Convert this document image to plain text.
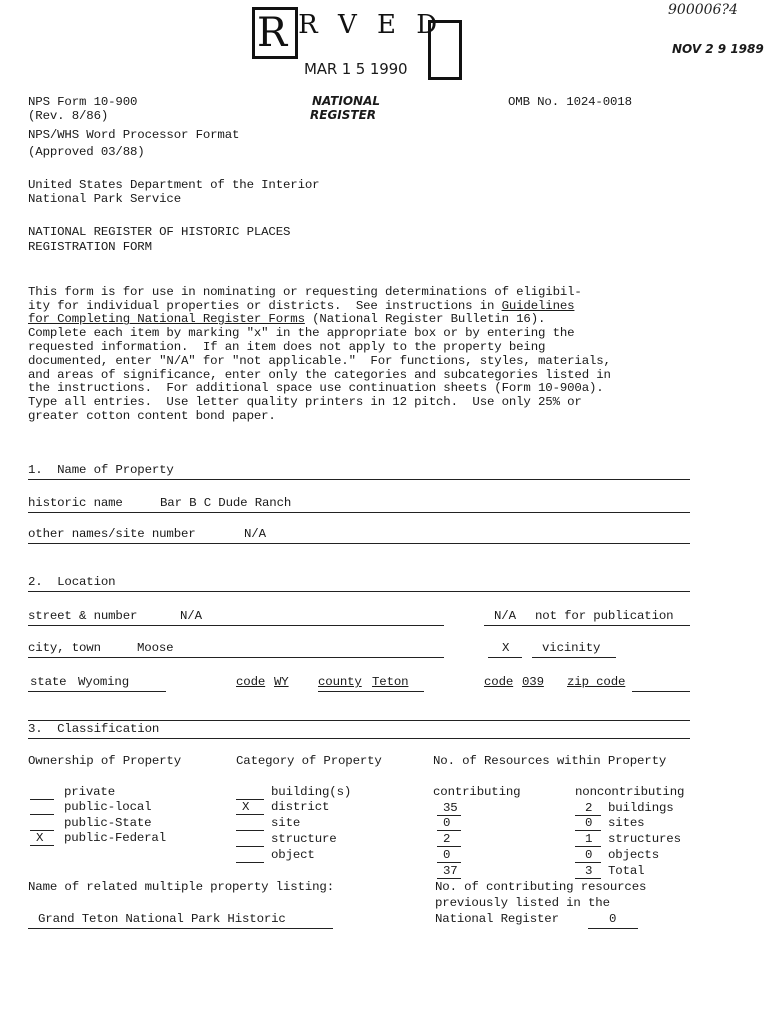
R $^{R V E D}$
MAR 1 5 1990
900006?4
NOV 2 9 1989
NATIONAL
REGISTER
NPS Form 10-900
(Rev. 8/86)
OMB No. 1024-0018
NPS/WHS Word Processor Format
(Approved 03/88)
United States Department of the Interior
National Park Service
NATIONAL REGISTER OF HISTORIC PLACES
REGISTRATION FORM

This form is for use in nominating or requesting determinations of eligibil-
ity for individual properties or districts.  See instructions in Guidelines
for Completing National Register Forms (National Register Bulletin 16).
Complete each item by marking "x" in the appropriate box or by entering the
requested information.  If an item does not apply to the property being
documented, enter "N/A" for "not applicable."  For functions, styles, materials,
and areas of significance, enter only the categories and subcategories listed in
the instructions.  For additional space use continuation sheets (Form 10-900a).
Type all entries.  Use letter quality printers in 12 pitch.  Use only 25% or
greater cotton content bond paper.

1.  Name of Property
historic name	Bar B C Dude Ranch
other names/site number	N/A
2.  Location
street & number	N/A	N/A not for publication
city, town	Moose	X	vicinity
state Wyoming	code WY county Teton	code 039 zip code
3.  Classification
Ownership of Property	Category of Property	No. of Resources within Property
private
public-local
public-State
X public-Federal
building(s)
X district
site
structure
object
contributing	noncontributing
35	2 buildings
0	0 sites
2	1 structures
0	0 objects
37	3 Total
Name of related multiple property listing:
Grand Teton National Park Historic
No. of contributing resources
previously listed in the
National Register	0
